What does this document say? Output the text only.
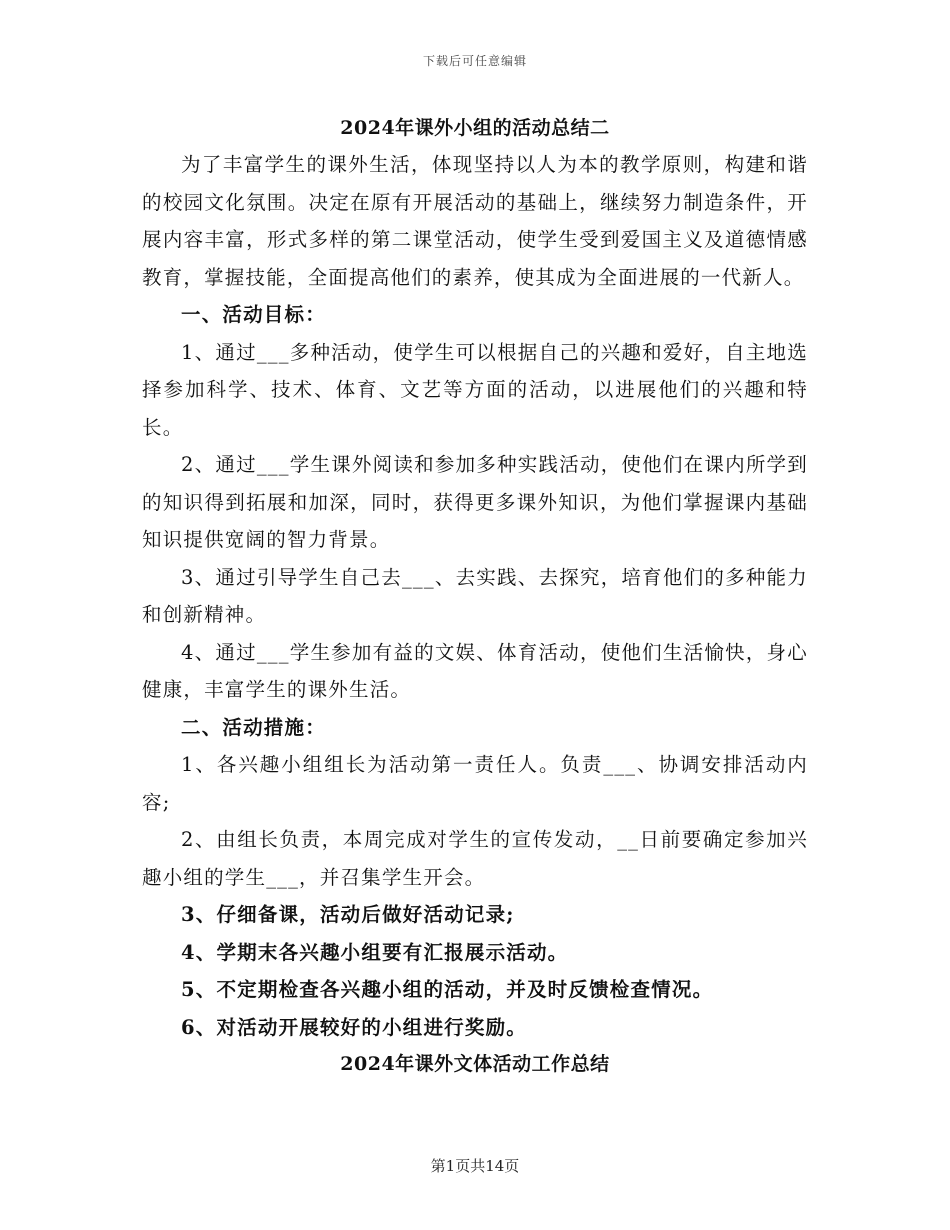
下载后可任意编辑
2024年课外小组的活动总结二

为了丰富学生的课外生活，体现坚持以人为本的教学原则，构建和谐的校园文化氛围。决定在原有开展活动的基础上，继续努力制造条件，开展内容丰富，形式多样的第二课堂活动，使学生受到爱国主义及道德情感教育，掌握技能，全面提高他们的素养，使其成为全面进展的一代新人。

一、活动目标：

1、通过___多种活动，使学生可以根据自己的兴趣和爱好，自主地选择参加科学、技术、体育、文艺等方面的活动，以进展他们的兴趣和特长。

2、通过___学生课外阅读和参加多种实践活动，使他们在课内所学到的知识得到拓展和加深，同时，获得更多课外知识，为他们掌握课内基础知识提供宽阔的智力背景。

3、通过引导学生自己去___、去实践、去探究，培育他们的多种能力和创新精神。

4、通过___学生参加有益的文娱、体育活动，使他们生活愉快，身心健康，丰富学生的课外生活。

二、活动措施：

1、各兴趣小组组长为活动第一责任人。负责___、协调安排活动内容;

2、由组长负责，本周完成对学生的宣传发动，__日前要确定参加兴趣小组的学生___，并召集学生开会。

3、仔细备课，活动后做好活动记录;

4、学期末各兴趣小组要有汇报展示活动。

5、不定期检查各兴趣小组的活动，并及时反馈检查情况。

6、对活动开展较好的小组进行奖励。

2024年课外文体活动工作总结
第1页共14页
